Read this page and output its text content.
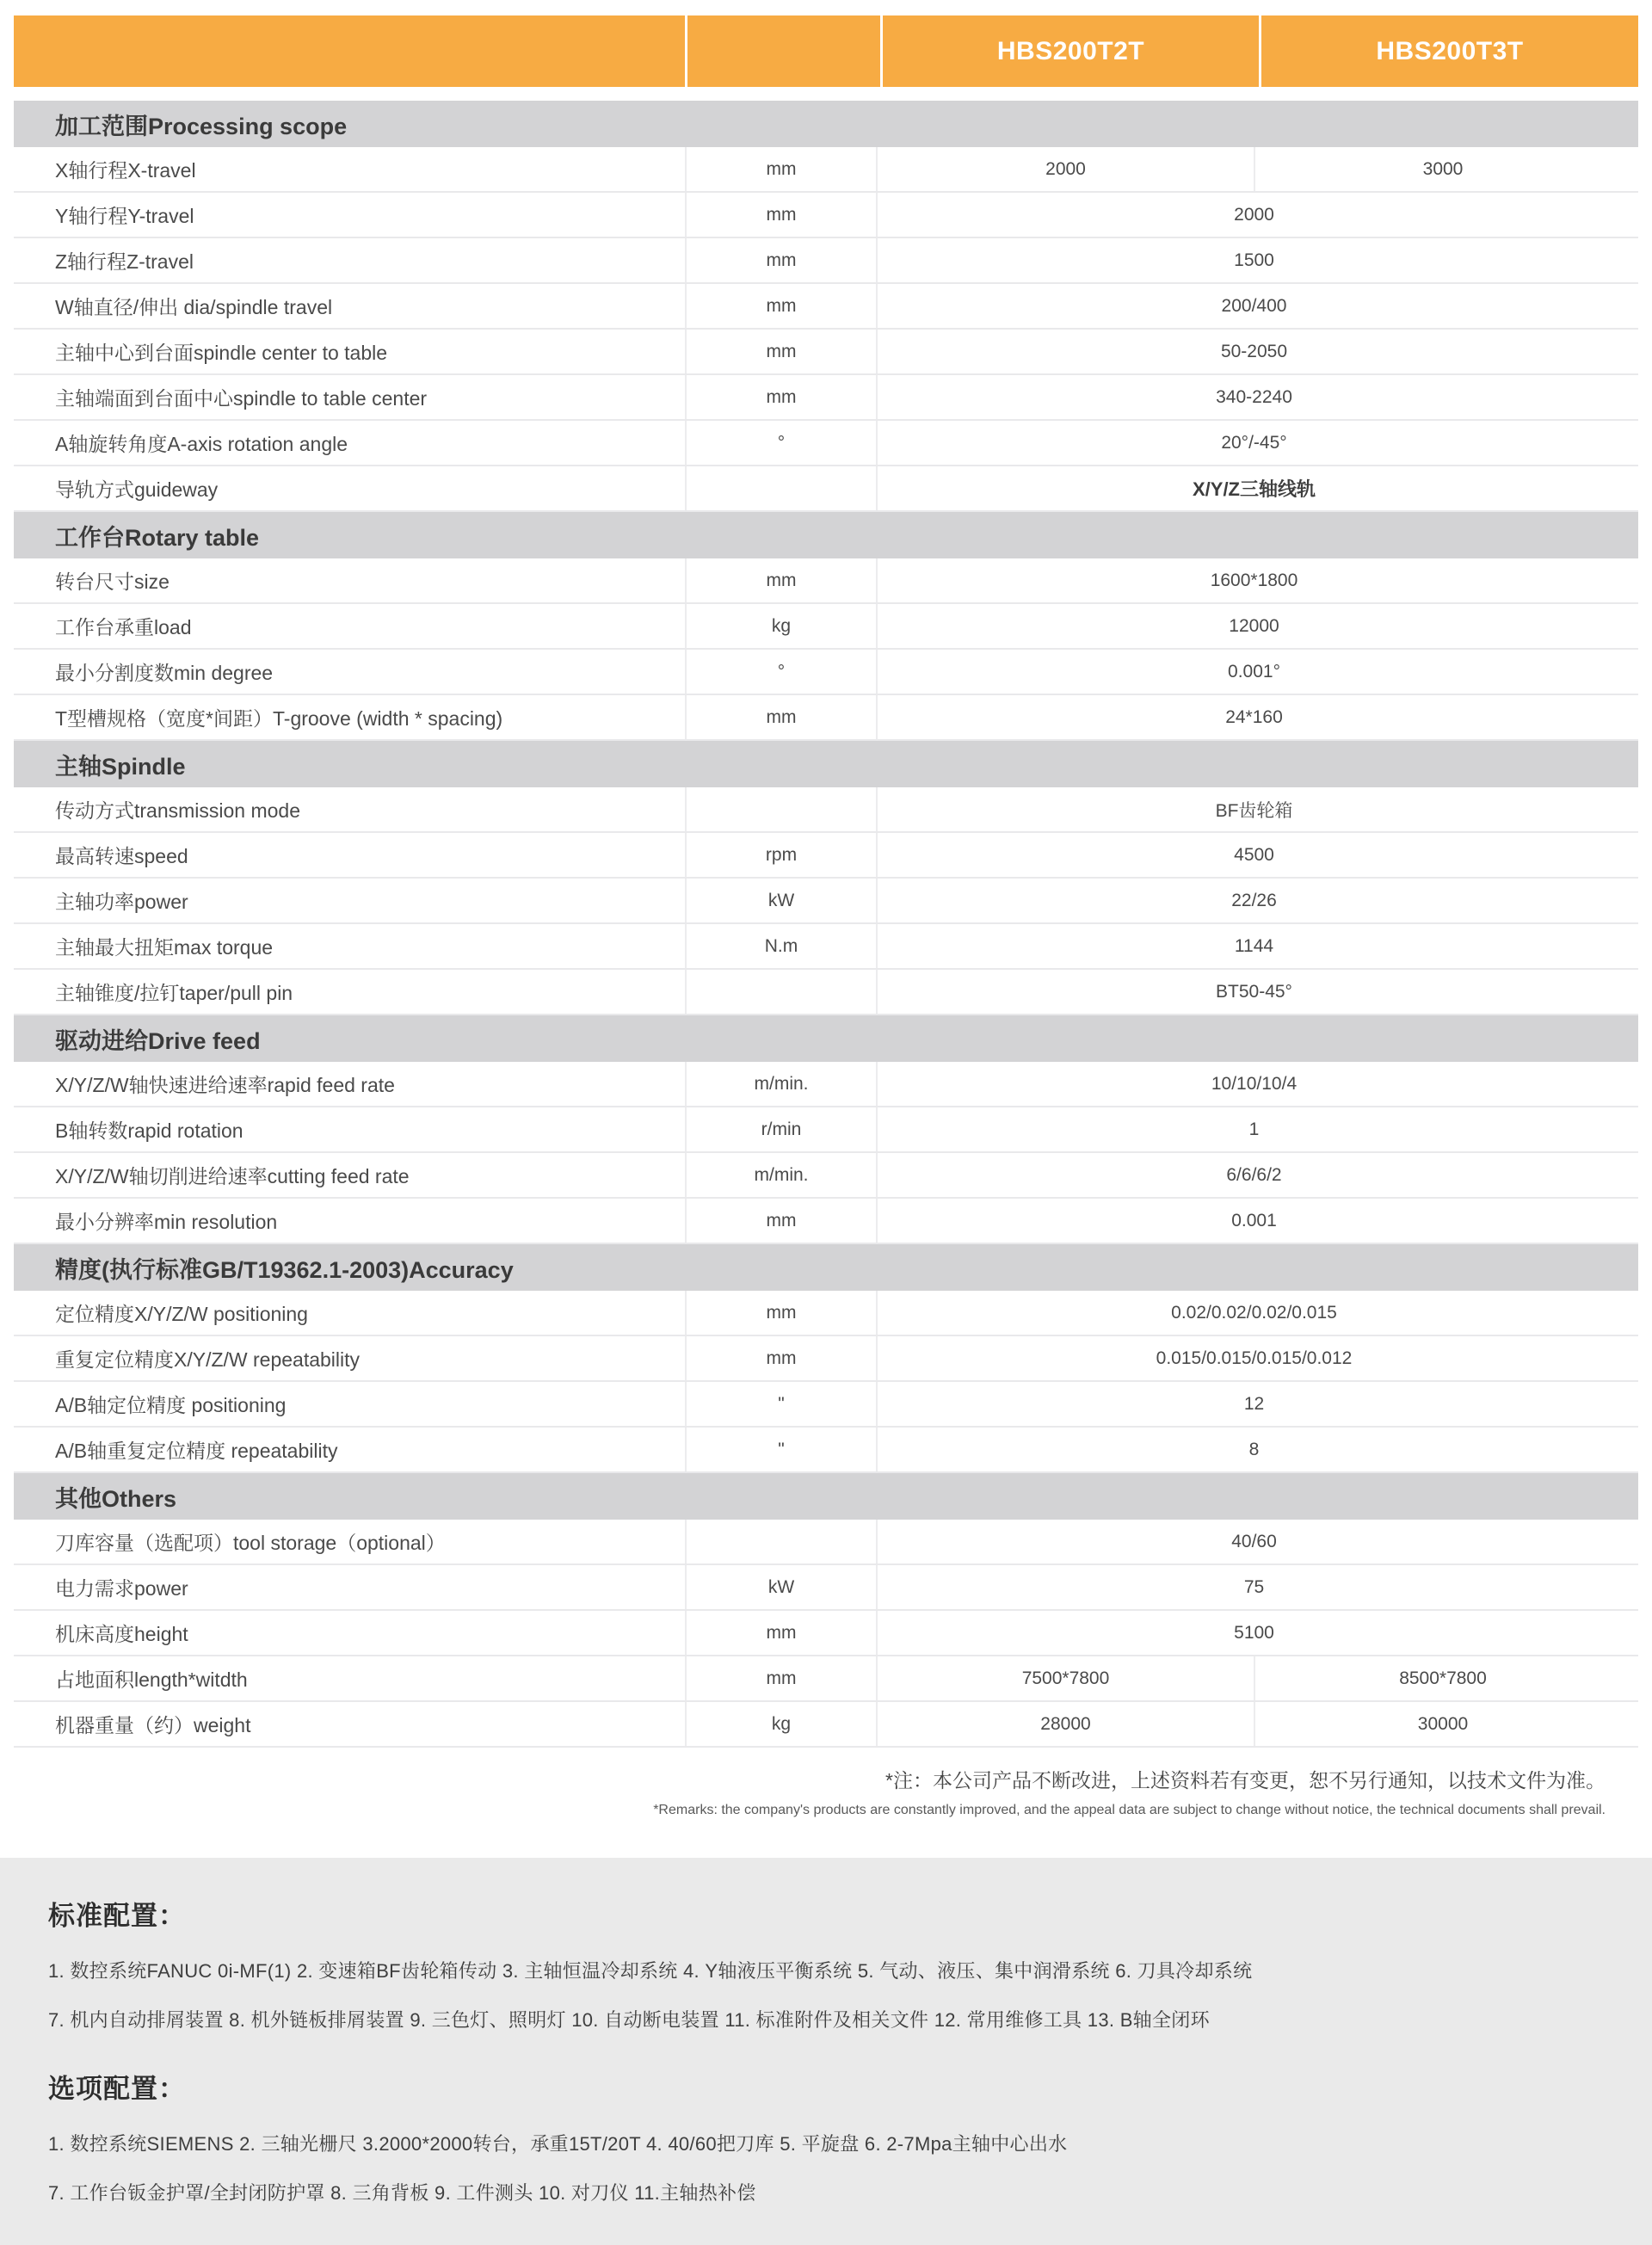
HBS200T2T	HBS200T3T
加工范围Processing scope
X轴行程X-travel	mm	2000	3000
Y轴行程Y-travel	mm	2000
Z轴行程Z-travel	mm	1500
W轴直径/伸出 dia/spindle travel	mm	200/400
主轴中心到台面spindle center to table	mm	50-2050
主轴端面到台面中心spindle to table center	mm	340-2240
A轴旋转角度A-axis rotation angle	°	20°/-45°
导轨方式guideway	X/Y/Z三轴线轨
工作台Rotary table
转台尺寸size	mm	1600*1800
工作台承重load	kg	12000
最小分割度数min degree	°	0.001°
T型槽规格（宽度*间距）T-groove (width * spacing)	mm	24*160
主轴Spindle
传动方式transmission mode	BF齿轮箱
最高转速speed	rpm	4500
主轴功率power	kW	22/26
主轴最大扭矩max torque	N.m	1144
主轴锥度/拉钉taper/pull pin	BT50-45°
驱动进给Drive feed
X/Y/Z/W轴快速进给速率rapid feed rate	m/min.	10/10/10/4
B轴转数rapid rotation	r/min	1
X/Y/Z/W轴切削进给速率cutting feed rate	m/min.	6/6/6/2
最小分辨率min resolution	mm	0.001
精度(执行标准GB/T19362.1-2003)Accuracy
定位精度X/Y/Z/W positioning	mm	0.02/0.02/0.02/0.015
重复定位精度X/Y/Z/W repeatability	mm	0.015/0.015/0.015/0.012
A/B轴定位精度 positioning	"	12
A/B轴重复定位精度 repeatability	"	8
其他Others
刀库容量（选配项）tool storage（optional）	40/60
电力需求power	kW	75
机床高度height	mm	5100
占地面积length*witdth	mm	7500*7800	8500*7800
机器重量（约）weight	kg	28000	30000
*注：本公司产品不断改进，上述资料若有变更，恕不另行通知，以技术文件为准。
*Remarks: the company's products are constantly improved, and the appeal data are subject to change without notice, the technical documents shall prevail.
标准配置：
1. 数控系统FANUC 0i-MF(1) 2. 变速箱BF齿轮箱传动 3. 主轴恒温冷却系统 4. Y轴液压平衡系统 5. 气动、液压、集中润滑系统 6. 刀具冷却系统
7. 机内自动排屑装置 8. 机外链板排屑装置 9. 三色灯、照明灯 10. 自动断电装置 11. 标准附件及相关文件 12. 常用维修工具 13. B轴全闭环
选项配置：
1. 数控系统SIEMENS 2. 三轴光栅尺 3.2000*2000转台，承重15T/20T 4. 40/60把刀库 5. 平旋盘 6. 2-7Mpa主轴中心出水
7. 工作台钣金护罩/全封闭防护罩 8. 三角背板 9. 工件测头 10. 对刀仪 11.主轴热补偿
